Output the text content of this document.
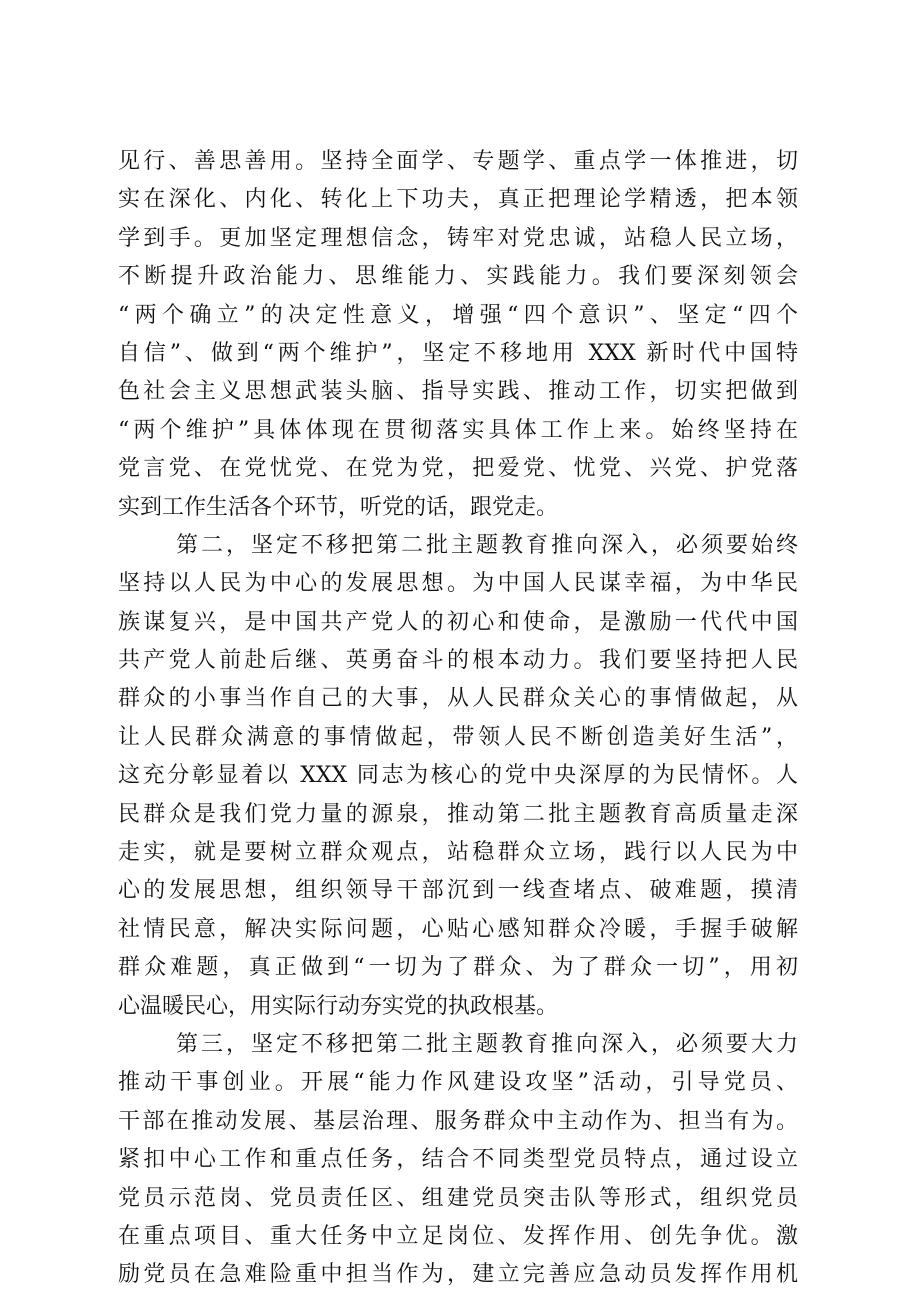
见行、善思善用。坚持全面学、专题学、重点学一体推进，切
实在深化、内化、转化上下功夫，真正把理论学精透，把本领
学到手。更加坚定理想信念，铸牢对党忠诚，站稳人民立场，
不断提升政治能力、思维能力、实践能力。我们要深刻领会
“两个确立”的决定性意义，增强“四个意识”、坚定“四个
自信”、做到“两个维护”，坚定不移地用 XXX 新时代中国特
色社会主义思想武装头脑、指导实践、推动工作，切实把做到
“两个维护”具体体现在贯彻落实具体工作上来。始终坚持在
党言党、在党忧党、在党为党，把爱党、忧党、兴党、护党落
实到工作生活各个环节，听党的话，跟党走。
第二，坚定不移把第二批主题教育推向深入，必须要始终
坚持以人民为中心的发展思想。为中国人民谋幸福，为中华民
族谋复兴，是中国共产党人的初心和使命，是激励一代代中国
共产党人前赴后继、英勇奋斗的根本动力。我们要坚持把人民
群众的小事当作自己的大事，从人民群众关心的事情做起，从
让人民群众满意的事情做起，带领人民不断创造美好生活”，
这充分彰显着以 XXX 同志为核心的党中央深厚的为民情怀。人
民群众是我们党力量的源泉，推动第二批主题教育高质量走深
走实，就是要树立群众观点，站稳群众立场，践行以人民为中
心的发展思想，组织领导干部沉到一线查堵点、破难题，摸清
社情民意，解决实际问题，心贴心感知群众冷暖，手握手破解
群众难题，真正做到“一切为了群众、为了群众一切”，用初
心温暖民心，用实际行动夯实党的执政根基。
第三，坚定不移把第二批主题教育推向深入，必须要大力
推动干事创业。开展“能力作风建设攻坚”活动，引导党员、
干部在推动发展、基层治理、服务群众中主动作为、担当有为。
紧扣中心工作和重点任务，结合不同类型党员特点，通过设立
党员示范岗、党员责任区、组建党员突击队等形式，组织党员
在重点项目、重大任务中立足岗位、发挥作用、创先争优。激
励党员在急难险重中担当作为，建立完善应急动员发挥作用机
